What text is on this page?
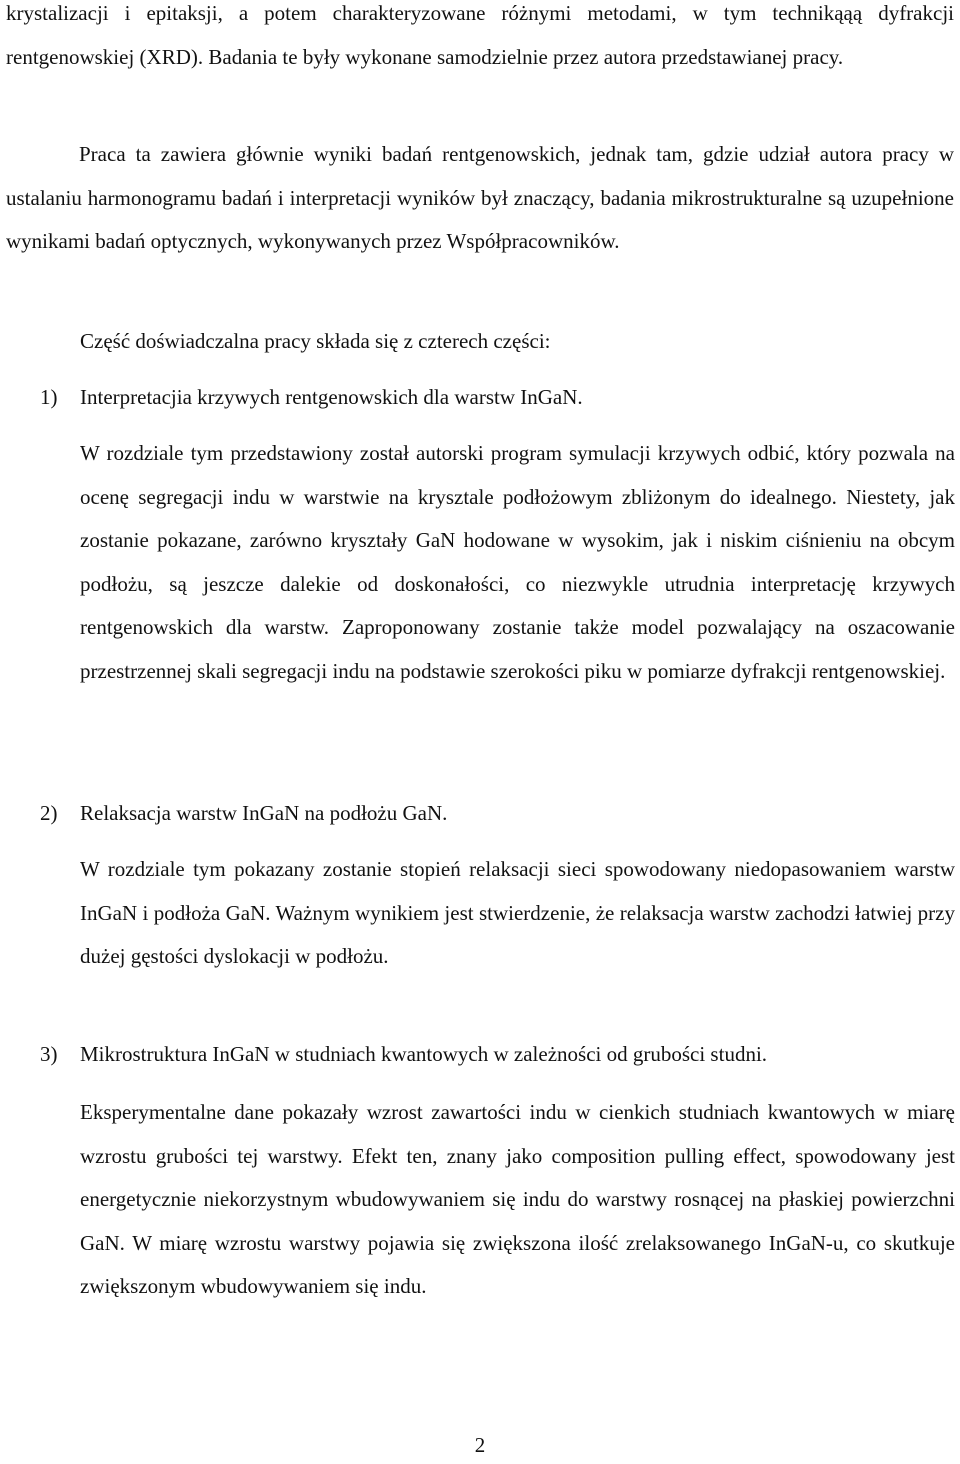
krystalizacji i epitaksji, a potem charakteryzowane różnymi metodami, w tym technikąąą dyfrakcji rentgenowskiej (XRD). Badania te były wykonane samodzielnie przez autora przedstawianej pracy.

Praca ta zawiera głównie wyniki badań rentgenowskich, jednak tam, gdzie udział autora pracy w ustalaniu harmonogramu badań i interpretacji wyników był znaczący, badania mikrostrukturalne są uzupełnione wynikami badań optycznych, wykonywanych przez Współpracowników.

Część doświadczalna pracy składa się z czterech części:

1) Interpretacjia krzywych rentgenowskich dla warstw InGaN.

W rozdziale tym przedstawiony został autorski program symulacji krzywych odbić, który pozwala na ocenę segregacji indu w warstwie na krysztale podłożowym zbliżonym do idealnego. Niestety, jak zostanie pokazane, zarówno kryształy GaN hodowane w wysokim, jak i niskim ciśnieniu na obcym podłożu, są jeszcze dalekie od doskonałości, co niezwykle utrudnia interpretację krzywych rentgenowskich dla warstw. Zaproponowany zostanie także model pozwalający na oszacowanie przestrzennej skali segregacji indu na podstawie szerokości piku w pomiarze dyfrakcji rentgenowskiej.

2) Relaksacja warstw InGaN na podłożu GaN.

W rozdziale tym pokazany zostanie stopień relaksacji sieci spowodowany niedopasowaniem warstw InGaN i podłoża GaN. Ważnym wynikiem jest stwierdzenie, że relaksacja warstw zachodzi łatwiej przy dużej gęstości dyslokacji w podłożu.

3) Mikrostruktura InGaN w studniach kwantowych w zależności od grubości studni.

Eksperymentalne dane pokazały wzrost zawartości indu w cienkich studniach kwantowych w miarę wzrostu grubości tej warstwy. Efekt ten, znany jako composition pulling effect, spowodowany jest energetycznie niekorzystnym wbudowywaniem się indu do warstwy rosnącej na płaskiej powierzchni GaN. W miarę wzrostu warstwy pojawia się zwiększona ilość zrelaksowanego InGaN-u, co skutkuje zwiększonym wbudowywaniem się indu.

2
